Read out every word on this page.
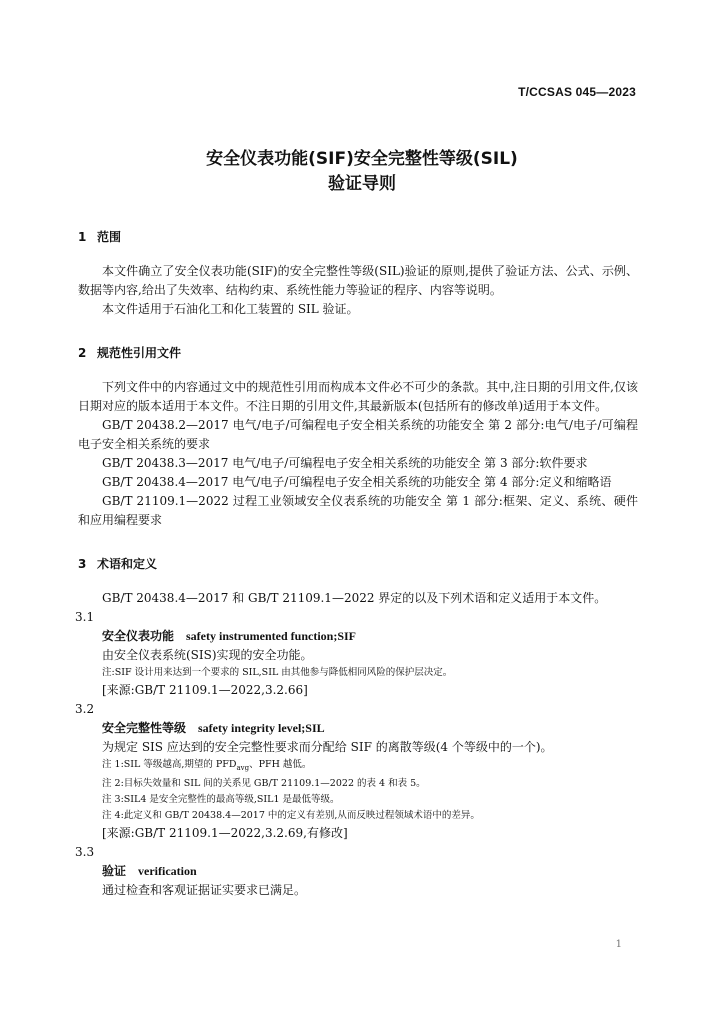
T/CCSAS 045—2023
安全仪表功能(SIF)安全完整性等级(SIL)
验证导则
1 范围

本文件确立了安全仪表功能(SIF)的安全完整性等级(SIL)验证的原则,提供了验证方法、公式、示例、数据等内容,给出了失效率、结构约束、系统性能力等验证的程序、内容等说明。

本文件适用于石油化工和化工装置的 SIL 验证。

2 规范性引用文件

下列文件中的内容通过文中的规范性引用而构成本文件必不可少的条款。其中,注日期的引用文件,仅该日期对应的版本适用于本文件。不注日期的引用文件,其最新版本(包括所有的修改单)适用于本文件。

GB/T 20438.2—2017 电气/电子/可编程电子安全相关系统的功能安全 第 2 部分:电气/电子/可编程电子安全相关系统的要求

GB/T 20438.3—2017 电气/电子/可编程电子安全相关系统的功能安全 第 3 部分:软件要求

GB/T 20438.4—2017 电气/电子/可编程电子安全相关系统的功能安全 第 4 部分:定义和缩略语

GB/T 21109.1—2022 过程工业领域安全仪表系统的功能安全 第 1 部分:框架、定义、系统、硬件和应用编程要求

3 术语和定义

GB/T 20438.4—2017 和 GB/T 21109.1—2022 界定的以及下列术语和定义适用于本文件。

3.1
安全仪表功能 safety instrumented function;SIF
由安全仪表系统(SIS)实现的安全功能。
注:SIF 设计用来达到一个要求的 SIL,SIL 由其他参与降低相同风险的保护层决定。
[来源:GB/T 21109.1—2022,3.2.66]
3.2
安全完整性等级 safety integrity level;SIL
为规定 SIS 应达到的安全完整性要求而分配给 SIF 的离散等级(4 个等级中的一个)。
注 1:SIL 等级越高,期望的 $PFD_{avg}$、PFH 越低。
注 2:目标失效量和 SIL 间的关系见 GB/T 21109.1—2022 的表 4 和表 5。
注 3:SIL4 是安全完整性的最高等级,SIL1 是最低等级。
注 4:此定义和 GB/T 20438.4—2017 中的定义有差别,从而反映过程领域术语中的差异。
[来源:GB/T 21109.1—2022,3.2.69,有修改]
3.3
验证 verification
通过检查和客观证据证实要求已满足。
1
